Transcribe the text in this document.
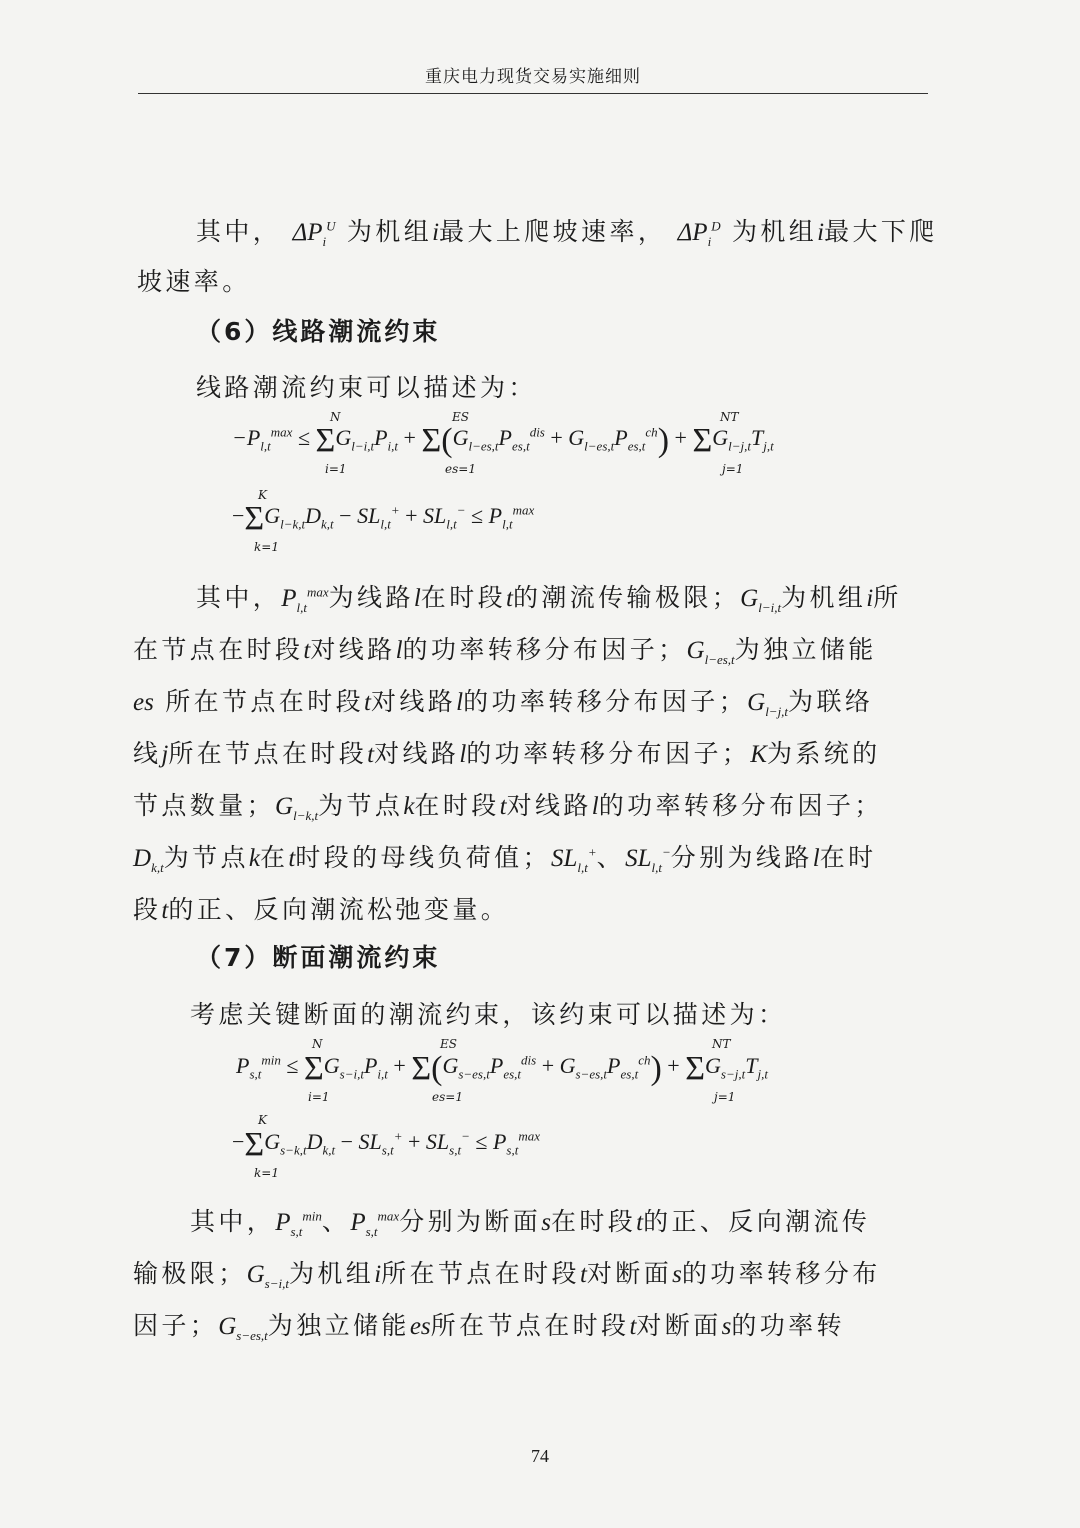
重庆电力现货交易实施细则
其中， $\Delta P_i^U$ 为机组i最大上爬坡速率， $\Delta P_i^D$ 为机组i最大下爬
坡速率。
（6）线路潮流约束
线路潮流约束可以描述为：
$-P_{l,t}^{max} \le \Sigma G_{l-i,t}P_{i,t} + \Sigma(G_{l-es,t}P_{es,t}^{dis} + G_{l-es,t}P_{es,t}^{ch}) + \Sigma G_{l-j,t}T_{j,t}$
N
i=1
ES
es=1
NT
j=1
$-\Sigma G_{l-k,t}D_{k,t} - SL_{l,t}^+ + SL_{l,t}^- \le P_{l,t}^{max}$
K
k=1
其中，$P_{l,t}^{max}$为线路l在时段t的潮流传输极限；$G_{l-i,t}$为机组i所
在节点在时段t对线路l的功率转移分布因子；$G_{l-es,t}$为独立储能
es 所在节点在时段t对线路l的功率转移分布因子；$G_{l-j,t}$为联络
线j所在节点在时段t对线路l的功率转移分布因子；K为系统的
节点数量；$G_{l-k,t}$为节点k在时段t对线路l的功率转移分布因子；
$D_{k,t}$为节点k在t时段的母线负荷值；$SL_{l,t}^+$、$SL_{l,t}^-$分别为线路l在时
段t的正、反向潮流松弛变量。
（7）断面潮流约束
考虑关键断面的潮流约束，该约束可以描述为：
$P_{s,t}^{min} \le \Sigma G_{s-i,t}P_{i,t} + \Sigma(G_{s-es,t}P_{es,t}^{dis} + G_{s-es,t}P_{es,t}^{ch}) + \Sigma G_{s-j,t}T_{j,t}$
N
i=1
ES
es=1
NT
j=1
$-\Sigma G_{s-k,t}D_{k,t} - SL_{s,t}^+ + SL_{s,t}^- \le P_{s,t}^{max}$
K
k=1
其中，$P_{s,t}^{min}$、$P_{s,t}^{max}$分别为断面s在时段t的正、反向潮流传
输极限；$G_{s-i,t}$为机组i所在节点在时段t对断面s的功率转移分布
因子；$G_{s-es,t}$为独立储能es所在节点在时段t对断面s的功率转
74
